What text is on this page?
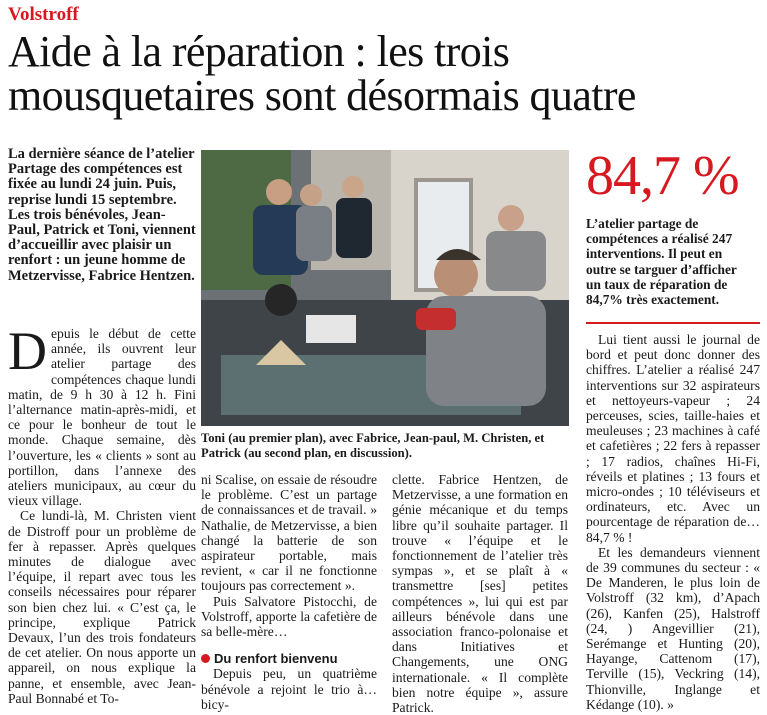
Volstroff
Aide à la réparation : les trois mousquetaires sont désormais quatre

La dernière séance de l’atelier Partage des compétences est fixée au lundi 24 juin. Puis, reprise lundi 15 septembre. Les trois bénévoles, Jean-Paul, Patrick et Toni, viennent d’accueillir avec plaisir un renfort : un jeune homme de Metzervisse, Fabrice Hentzen.

Toni (au premier plan), avec Fabrice, Jean-paul, M. Christen, et Patrick (au second plan, en discussion).

84,7 %

L’atelier partage de compétences a réalisé 247 interventions. Il peut en outre se targuer d’afficher un taux de réparation de 84,7% très exactement.

Depuis le début de cette année, ils ouvrent leur atelier partage des compétences chaque lundi matin, de 9 h 30 à 12 h. Fini l’alternance matin-après-midi, et ce pour le bonheur de tout le monde. Chaque semaine, dès l’ouverture, les « clients » sont au portillon, dans l’annexe des ateliers municipaux, au cœur du vieux village.

Ce lundi-là, M. Christen vient de Distroff pour un problème de fer à repasser. Après quelques minutes de dialogue avec l’équipe, il repart avec tous les conseils nécessaires pour réparer son bien chez lui. « C’est ça, le principe, explique Patrick Devaux, l’un des trois fondateurs de cet atelier. On nous apporte un appareil, on nous explique la panne, et ensemble, avec Jean-Paul Bonnabé et To-

ni Scalise, on essaie de résoudre le problème. C’est un partage de connaissances et de travail. » Nathalie, de Metzervisse, a bien changé la batterie de son aspirateur portable, mais revient, « car il ne fonctionne toujours pas correctement ».

Puis Salvatore Pistocchi, de Volstroff, apporte la cafetière de sa belle-mère…

Du renfort bienvenu

Depuis peu, un quatrième bénévole a rejoint le trio à… bicy-

clette. Fabrice Hentzen, de Metzervisse, a une formation en génie mécanique et du temps libre qu’il souhaite partager. Il trouve « l’équipe et le fonctionnement de l’atelier très sympas », et se plaît à « transmettre [ses] petites compétences », lui qui est par ailleurs bénévole dans une association franco-polonaise et dans Initiatives et Changements, une ONG internationale. « Il complète bien notre équipe », assure Patrick.

Lui tient aussi le journal de bord et peut donc donner des chiffres. L’atelier a réalisé 247 interventions sur 32 aspirateurs et nettoyeurs-vapeur ; 24 perceuses, scies, taille-haies et meuleuses ; 23 machines à café et cafetières ; 22 fers à repasser ; 17 radios, chaînes Hi-Fi, réveils et platines ; 13 fours et micro-ondes ; 10 téléviseurs et ordinateurs, etc. Avec un pourcentage de réparation de… 84,7 % !

Et les demandeurs viennent de 39 communes du secteur : « De Manderen, le plus loin de Volstroff (32 km), d’Apach (26), Kanfen (25), Halstroff (24, ) Angevillier (21), Serémange et Hunting (20), Hayange, Cattenom (17), Terville (15), Veckring (14), Thionville, Inglange et Kédange (10). »
